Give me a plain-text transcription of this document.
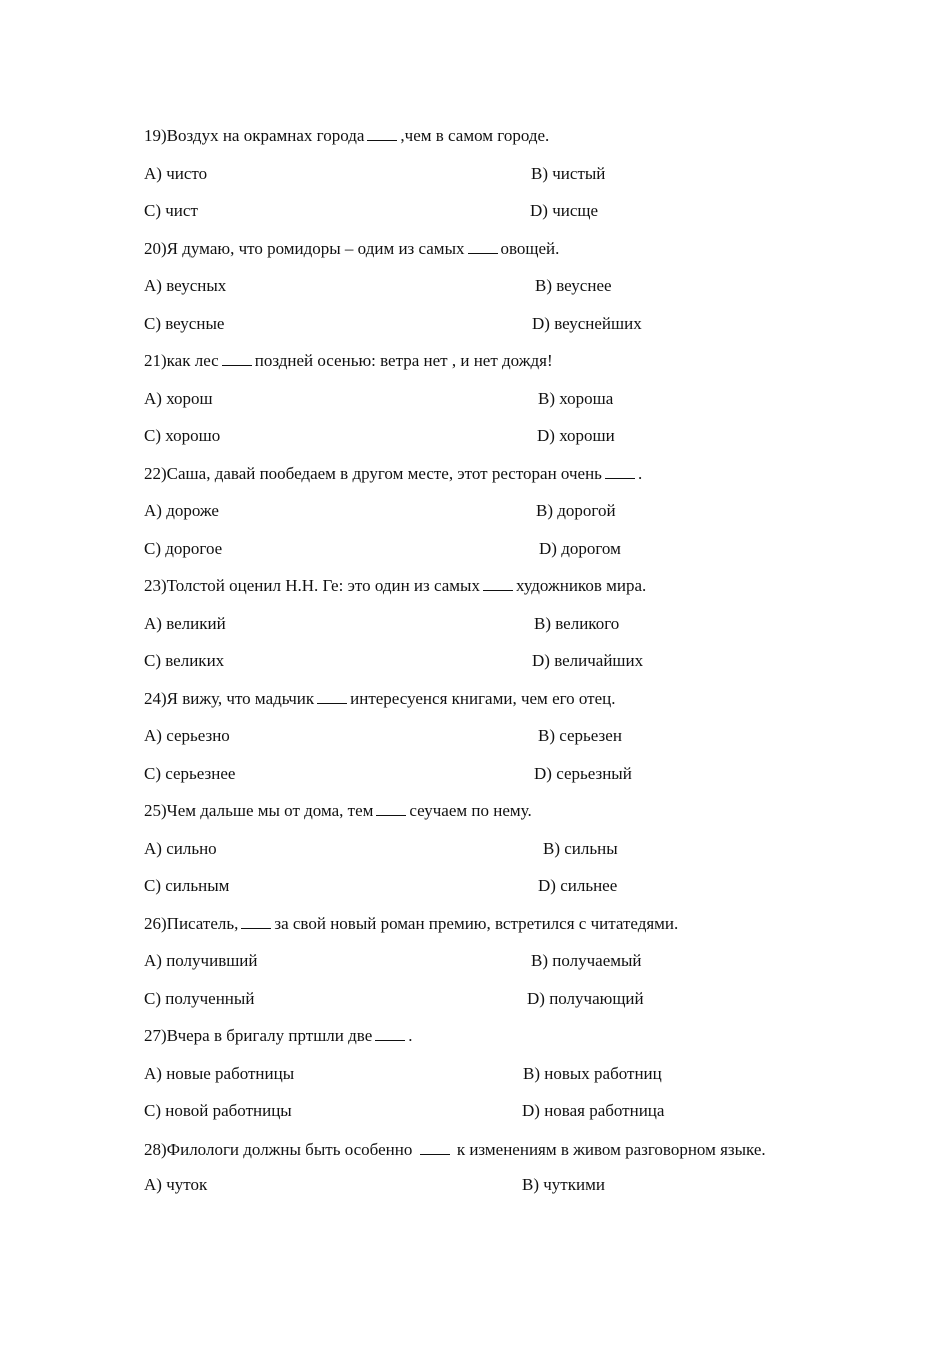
19)Воздух на окрамнах города ,чем в самом городе.
A) чисто	B) чистый
C) чист	D) чисще
20)Я думаю, что ромидоры – одим из самых овощей.
A) веусных	B) веуснее
C) веусные	D) веуснейших
21)как лес поздней осенью: ветра нет , и нет дождя!
A) хорош	B) хороша
C) хорошо	D) хороши
22)Саша, давай пообедаем в другом месте, этот ресторан очень .
A) дороже	B) дорогой
C) дорогое	D) дорогом
23)Толстой оценил Н.Н. Ге: это один из самых художников мира.
A) великий	B) великого
C) великих	D) величайших
24)Я вижу, что мадьчик интересуенся книгами, чем его отец.
A) серьезно	B) серьезен
C) серьезнее	D) серьезный
25)Чем дальше мы от дома, тем сеучаем по нему.
A) сильно	B) сильны
C) сильным	D) сильнее
26)Писатель, за свой новый роман премию, встретился с читатедями.
A) получивший	B) получаемый
C) полученный	D) получающий
27)Вчера в бригалу пртшли две .
A) новые работницы	B) новых работниц
C) новой работницы	D) новая работница
28)Филологи должны быть особенно	к изменениям в живом разговорном языке.
A) чуток	B) чуткими
